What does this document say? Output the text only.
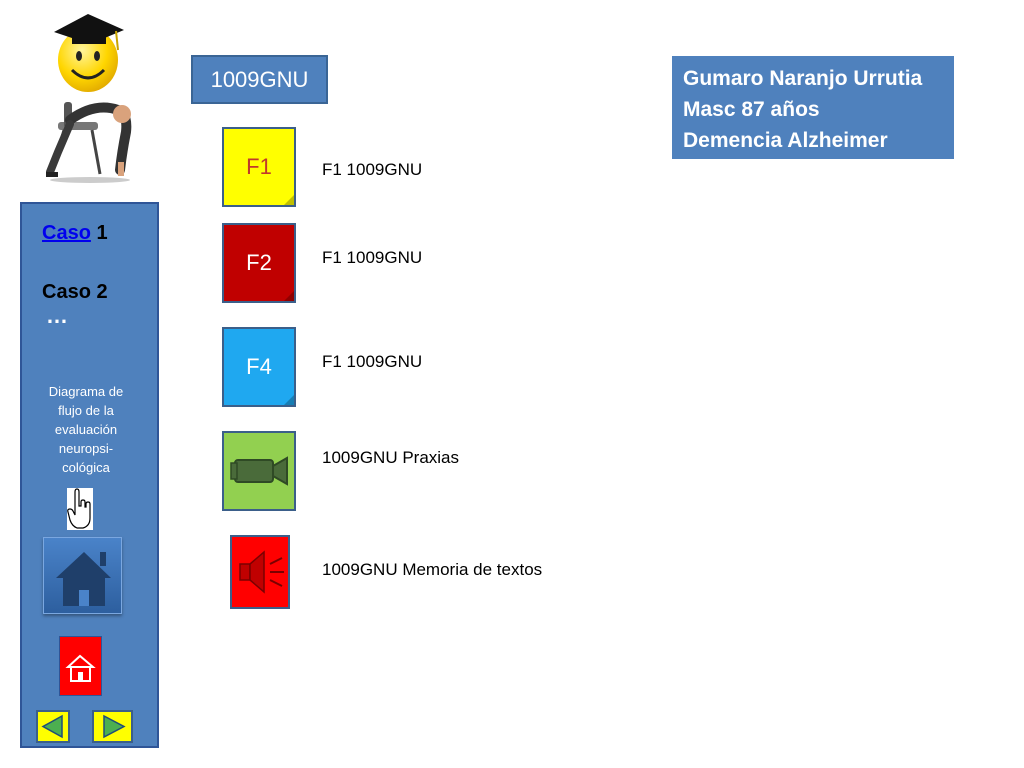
1009GNU	Gumaro Naranjo Urrutia
Masc 87 años
Demencia Alzheimer
Caso 1
Caso 2
…
Diagrama de flujo de la evaluación neuropsi-cológica
F1	F1 1009GNU
F2	F1 1009GNU
F4	F1 1009GNU
1009GNU Praxias
1009GNU Memoria de textos
